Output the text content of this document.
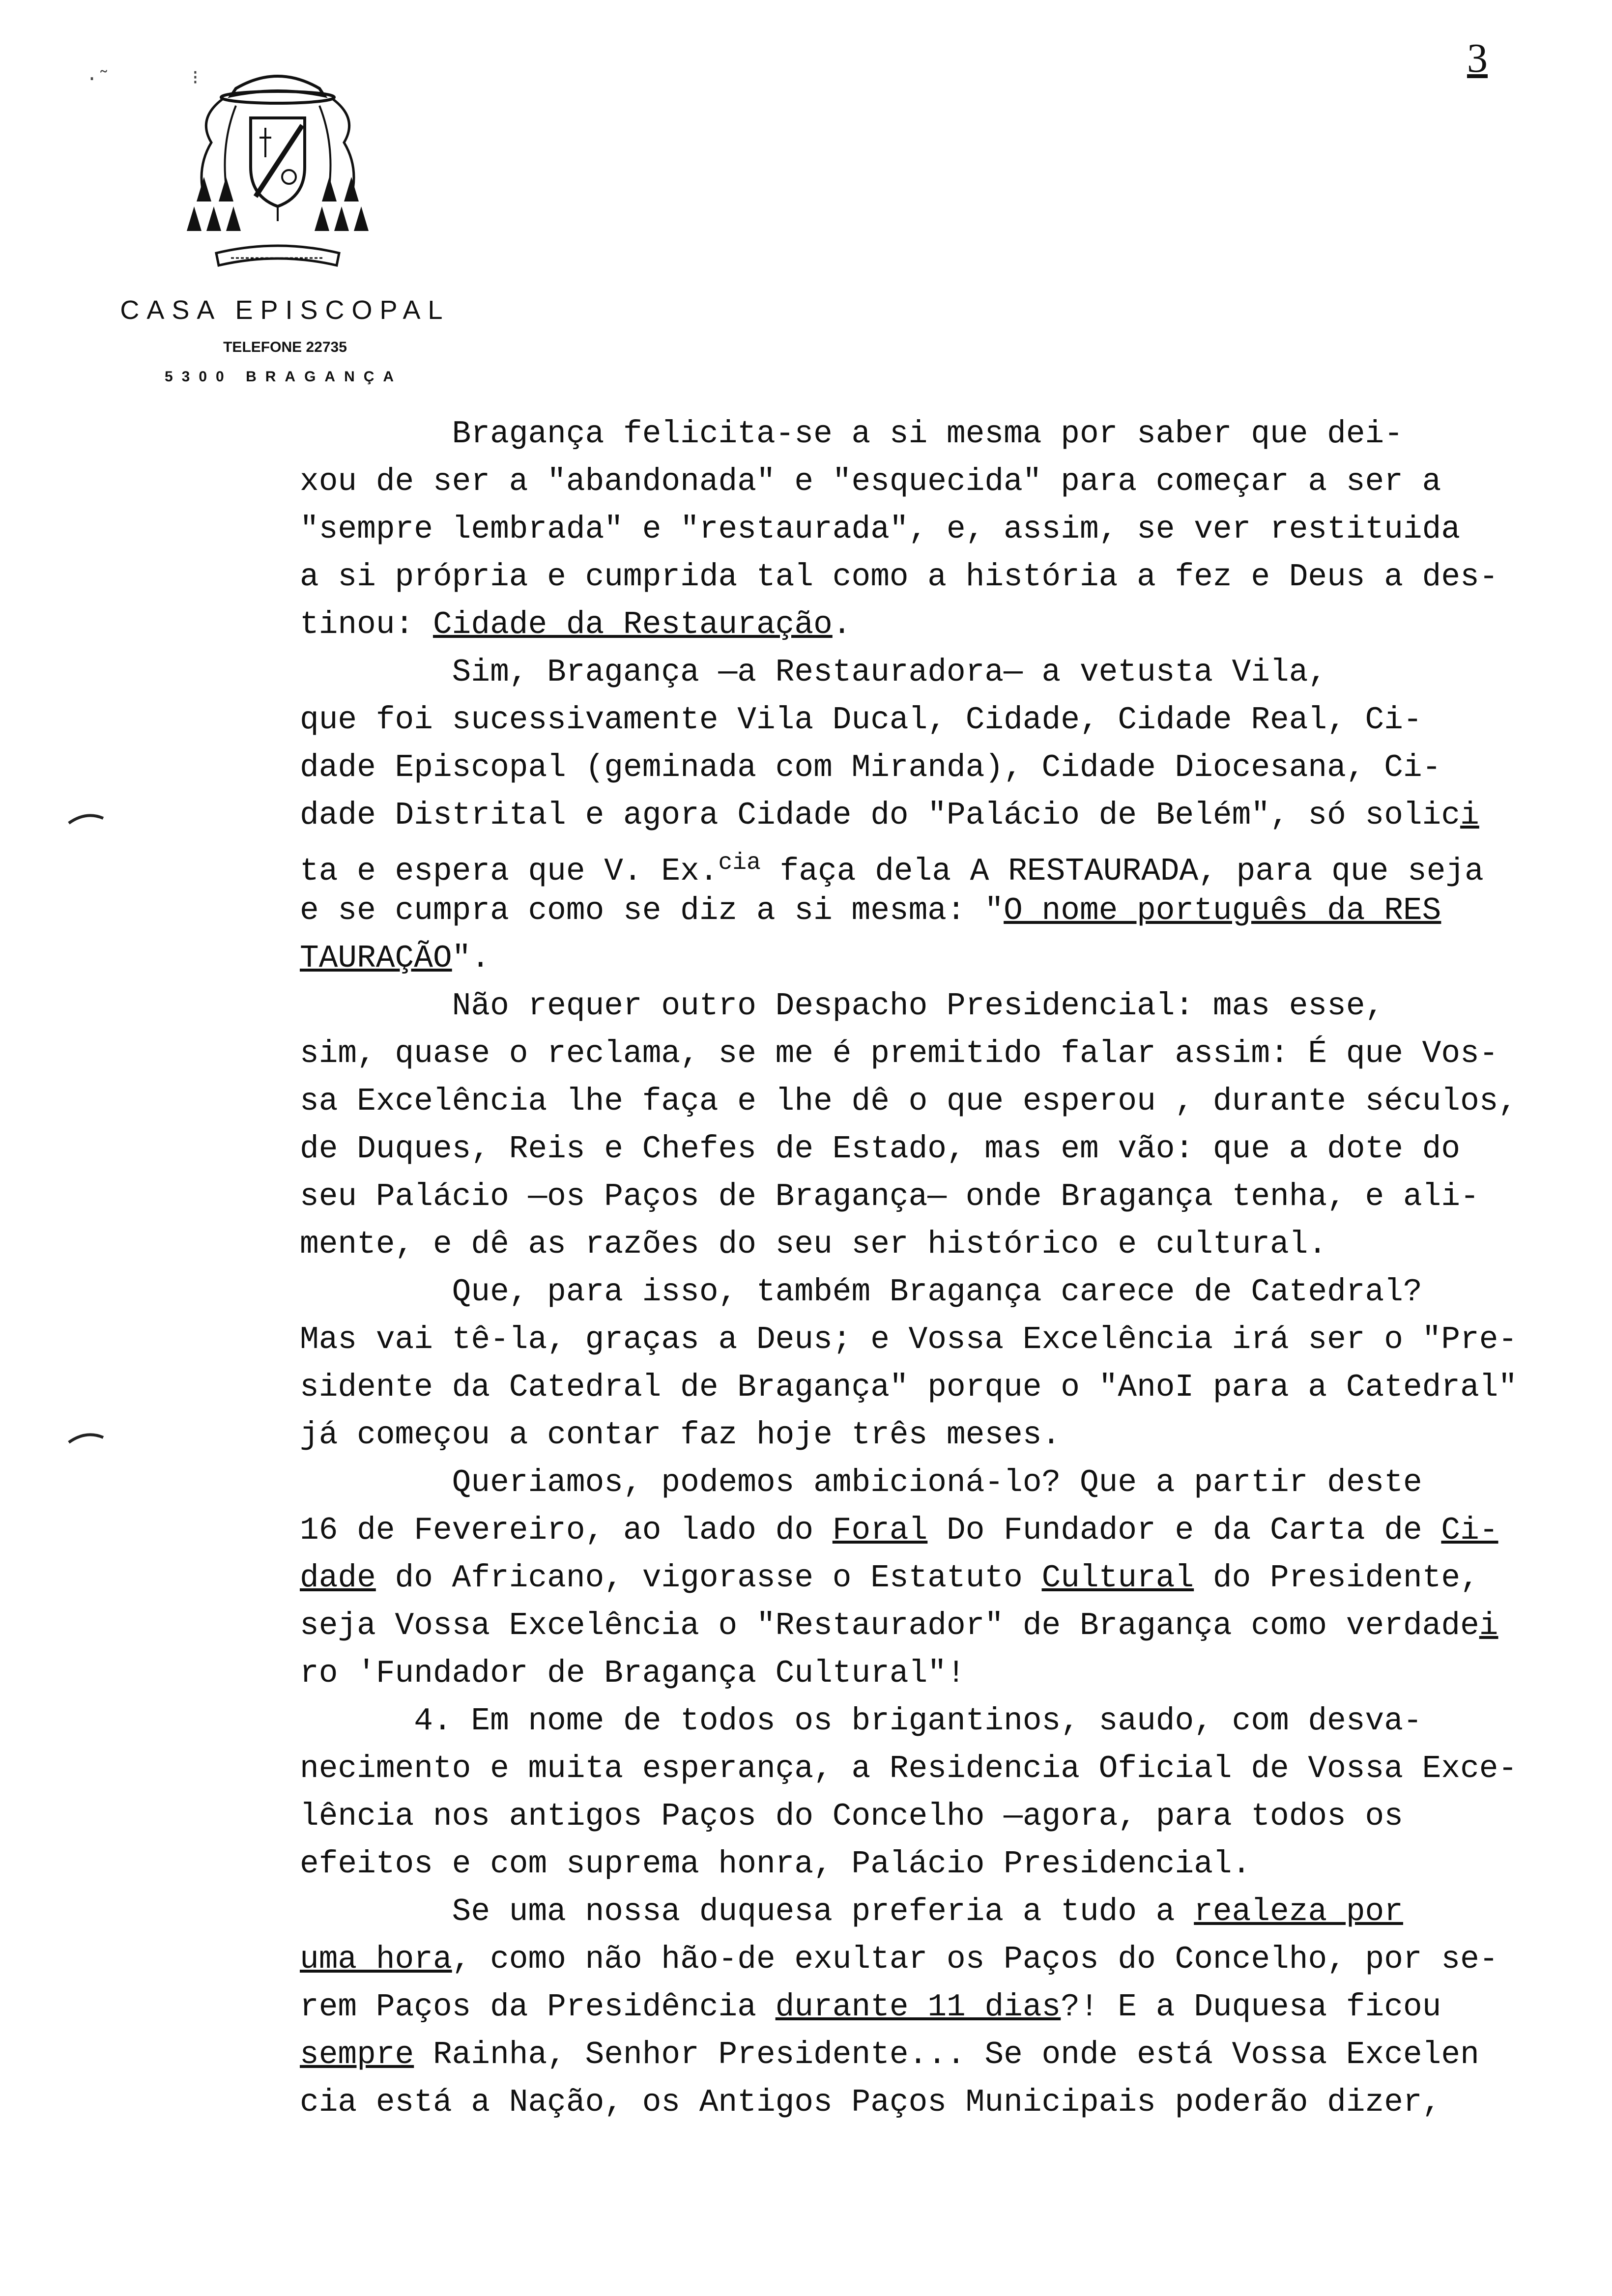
3
·˜       ⁝
CASA EPISCOPAL
TELEFONE 22735
5300 BRAGANÇA
Bragança felicita-se a si mesma por saber que dei-
xou de ser a "abandonada" e "esquecida" para começar a ser a
"sempre lembrada" e "restaurada", e, assim, se ver restituida
a si própria e cumprida tal como a história a fez e Deus a des-
tinou: Cidade da Restauração.
Sim, Bragança —a Restauradora— a vetusta Vila,
que foi sucessivamente Vila Ducal, Cidade, Cidade Real, Ci-
dade Episcopal (geminada com Miranda), Cidade Diocesana, Ci-
dade Distrital e agora Cidade do "Palácio de Belém", só solici
ta e espera que V. Ex.$^{cia}$ faça dela A RESTAURADA, para que seja
e se cumpra como se diz a si mesma: "O nome português da RES
TAURAÇÃO".
Não requer outro Despacho Presidencial: mas esse,
sim, quase o reclama, se me é premitido falar assim: É que Vos-
sa Excelência lhe faça e lhe dê o que esperou , durante séculos,
de Duques, Reis e Chefes de Estado, mas em vão: que a dote do
seu Palácio —os Paços de Bragança— onde Bragança tenha, e ali-
mente, e dê as razões do seu ser histórico e cultural.
Que, para isso, também Bragança carece de Catedral?
Mas vai tê-la, graças a Deus; e Vossa Excelência irá ser o "Pre-
sidente da Catedral de Bragança" porque o "AnoI para a Catedral"
já começou a contar faz hoje três meses.
Queriamos, podemos ambicioná-lo? Que a partir deste
16 de Fevereiro, ao lado do Foral Do Fundador e da Carta de Ci-
dade do Africano, vigorasse o Estatuto Cultural do Presidente,
seja Vossa Excelência o "Restaurador" de Bragança como verdadei
ro 'Fundador de Bragança Cultural"!
4. Em nome de todos os brigantinos, saudo, com desva-
necimento e muita esperança, a Residencia Oficial de Vossa Exce-
lência nos antigos Paços do Concelho —agora, para todos os
efeitos e com suprema honra, Palácio Presidencial.
Se uma nossa duquesa preferia a tudo a realeza por
uma hora, como não hão-de exultar os Paços do Concelho, por se-
rem Paços da Presidência durante 11 dias?! E a Duquesa ficou
sempre Rainha, Senhor Presidente... Se onde está Vossa Excelen
cia está a Nação, os Antigos Paços Municipais poderão dizer,
